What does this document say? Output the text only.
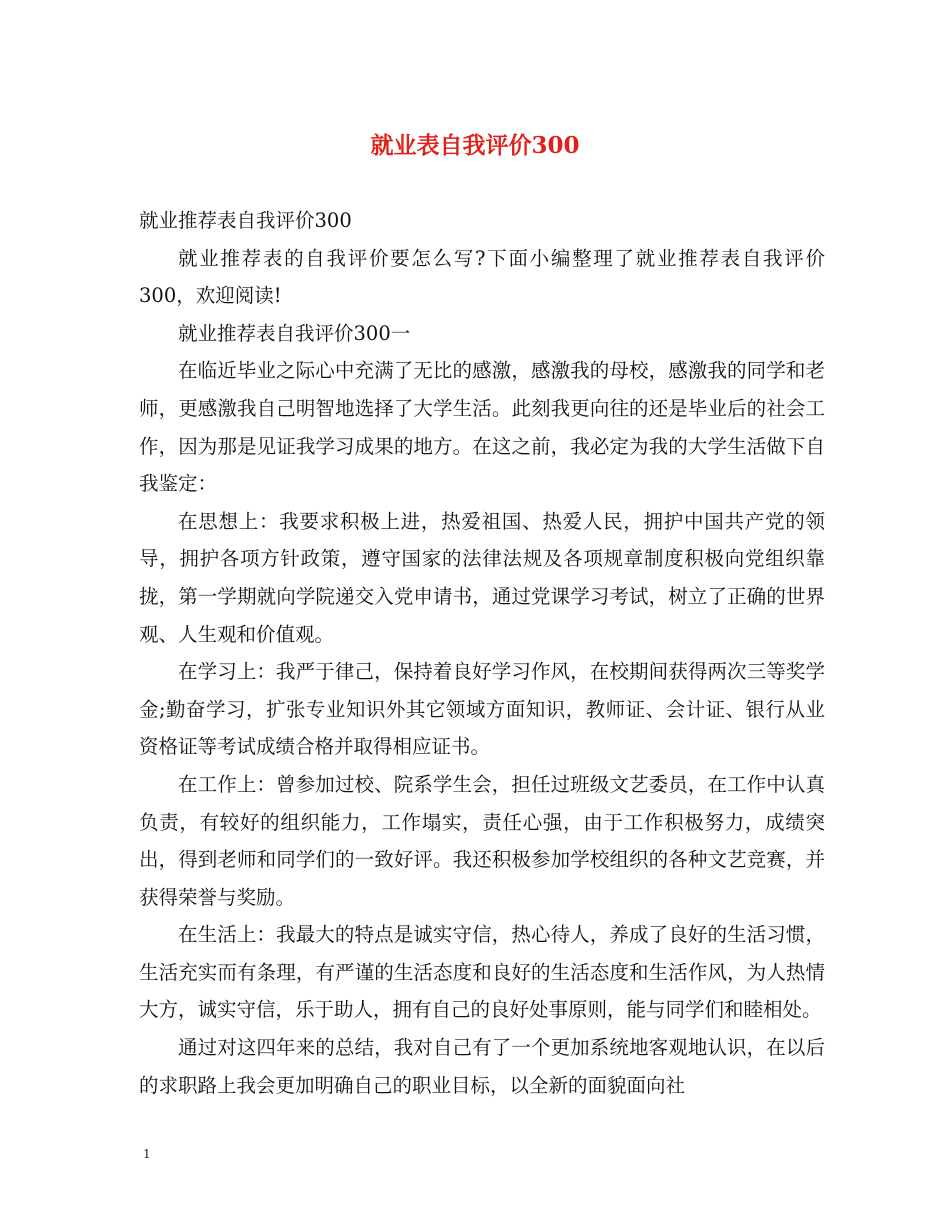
就业表自我评价300

就业推荐表自我评价300

就业推荐表的自我评价要怎么写?下面小编整理了就业推荐表自我评价300，欢迎阅读!

就业推荐表自我评价300一

在临近毕业之际心中充满了无比的感激，感激我的母校，感激我的同学和老师，更感激我自己明智地选择了大学生活。此刻我更向往的还是毕业后的社会工作，因为那是见证我学习成果的地方。在这之前，我必定为我的大学生活做下自我鉴定：

在思想上：我要求积极上进，热爱祖国、热爱人民，拥护中国共产党的领导，拥护各项方针政策，遵守国家的法律法规及各项规章制度积极向党组织靠拢，第一学期就向学院递交入党申请书，通过党课学习考试，树立了正确的世界观、人生观和价值观。

在学习上：我严于律己，保持着良好学习作风，在校期间获得两次三等奖学金;勤奋学习，扩张专业知识外其它领域方面知识，教师证、会计证、银行从业资格证等考试成绩合格并取得相应证书。

在工作上：曾参加过校、院系学生会，担任过班级文艺委员，在工作中认真负责，有较好的组织能力，工作塌实，责任心强，由于工作积极努力，成绩突出，得到老师和同学们的一致好评。我还积极参加学校组织的各种文艺竞赛，并获得荣誉与奖励。

在生活上：我最大的特点是诚实守信，热心待人，养成了良好的生活习惯，生活充实而有条理，有严谨的生活态度和良好的生活态度和生活作风，为人热情大方，诚实守信，乐于助人，拥有自己的良好处事原则，能与同学们和睦相处。

通过对这四年来的总结，我对自己有了一个更加系统地客观地认识，在以后的求职路上我会更加明确自己的职业目标，以全新的面貌面向社

1
